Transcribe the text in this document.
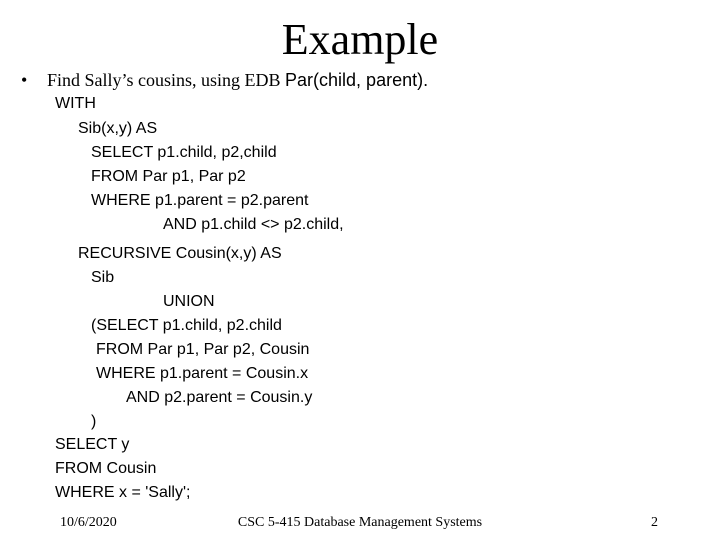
Example
• Find Sally’s cousins, using EDB Par(child, parent).
WITH
Sib(x,y) AS
SELECT p1.child, p2,child
FROM Par p1, Par p2
WHERE p1.parent = p2.parent
AND p1.child <> p2.child,
RECURSIVE Cousin(x,y) AS
Sib
UNION
(SELECT p1.child, p2.child
FROM Par p1, Par p2, Cousin
WHERE p1.parent = Cousin.x
AND p2.parent = Cousin.y
)
SELECT y
FROM Cousin
WHERE x = 'Sally';
10/6/2020	CSC 5-415 Database Management Systems	2
